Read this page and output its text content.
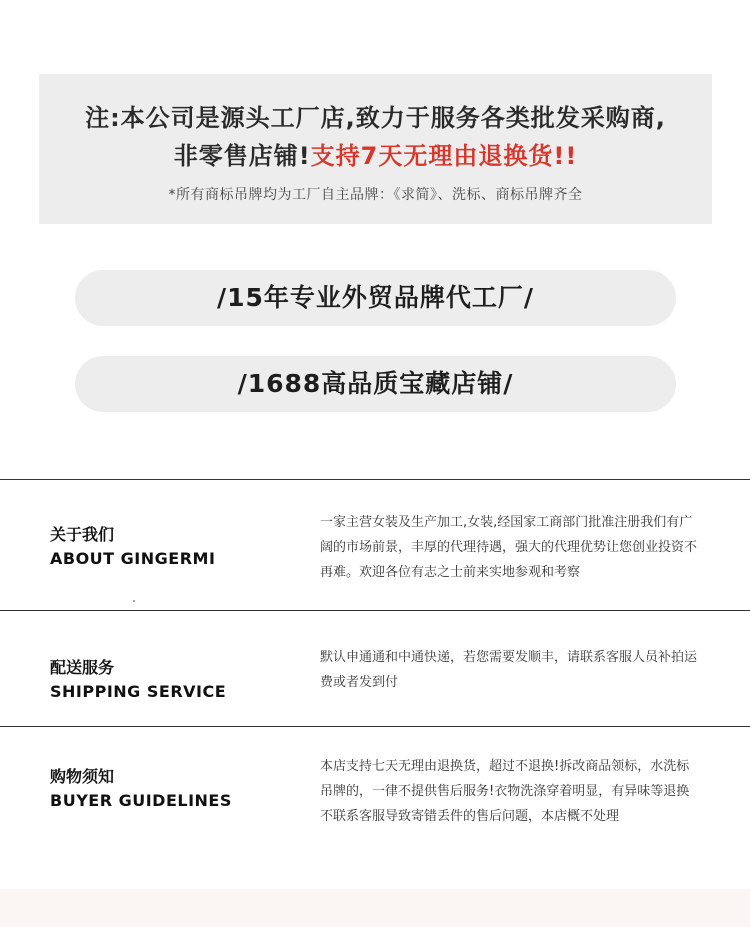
注:本公司是源头工厂店,致力于服务各类批发采购商,
非零售店铺!支持7天无理由退换货!!
*所有商标吊牌均为工厂自主品牌：《求简》、洗标、商标吊牌齐全
/15年专业外贸品牌代工厂/
/1688高品质宝藏店铺/
关于我们
ABOUT GINGERMI
一家主营女装及生产加工,女装,经国家工商部门批准注册我们有广
阔的市场前景，丰厚的代理待遇，强大的代理优势让您创业投资不
再难。欢迎各位有志之士前来实地参观和考察
配送服务
SHIPPING SERVICE
默认申通通和中通快递，若您需要发顺丰，请联系客服人员补拍运
费或者发到付
购物须知
BUYER GUIDELINES
本店支持七天无理由退换货，超过不退换!拆改商品领标，水洗标
吊牌的，一律不提供售后服务!衣物洗涤穿着明显，有异味等退换
不联系客服导致寄错丢件的售后问题，本店概不处理
